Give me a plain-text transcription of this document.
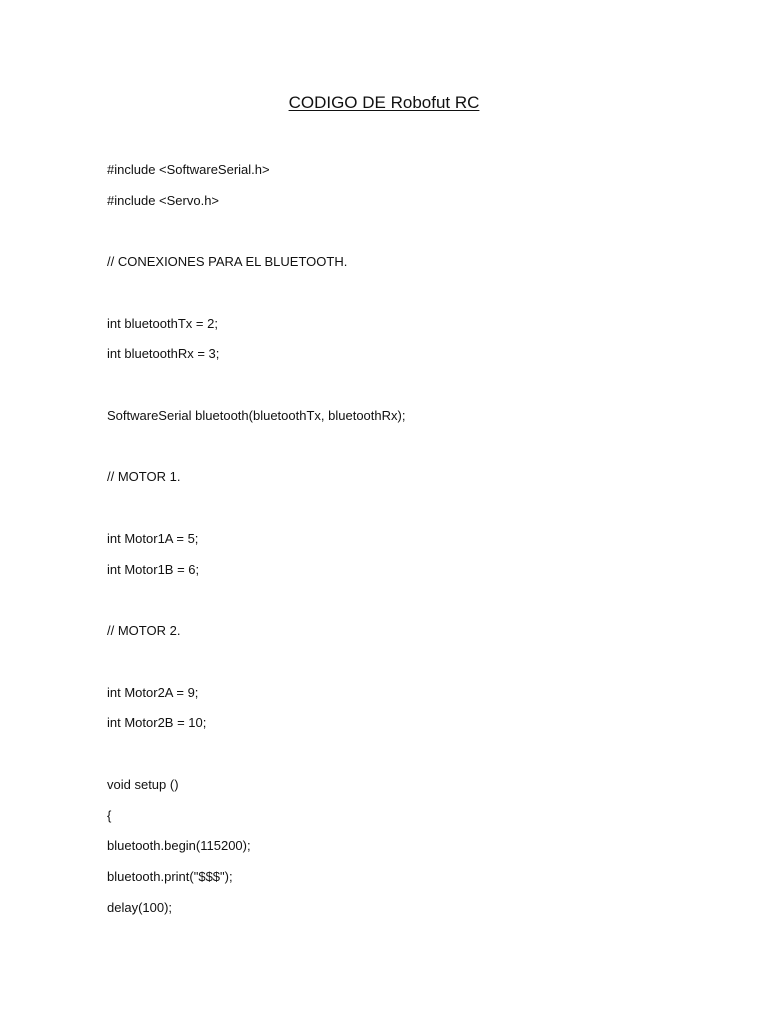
CODIGO DE Robofut RC
#include <SoftwareSerial.h>
#include <Servo.h>
// CONEXIONES PARA EL BLUETOOTH.
int bluetoothTx = 2;
int bluetoothRx = 3;
SoftwareSerial bluetooth(bluetoothTx, bluetoothRx);
// MOTOR 1.
int Motor1A = 5;
int Motor1B = 6;
// MOTOR 2.
int Motor2A = 9;
int Motor2B = 10;
void setup ()
{
bluetooth.begin(115200);
bluetooth.print("$$$");
delay(100);
